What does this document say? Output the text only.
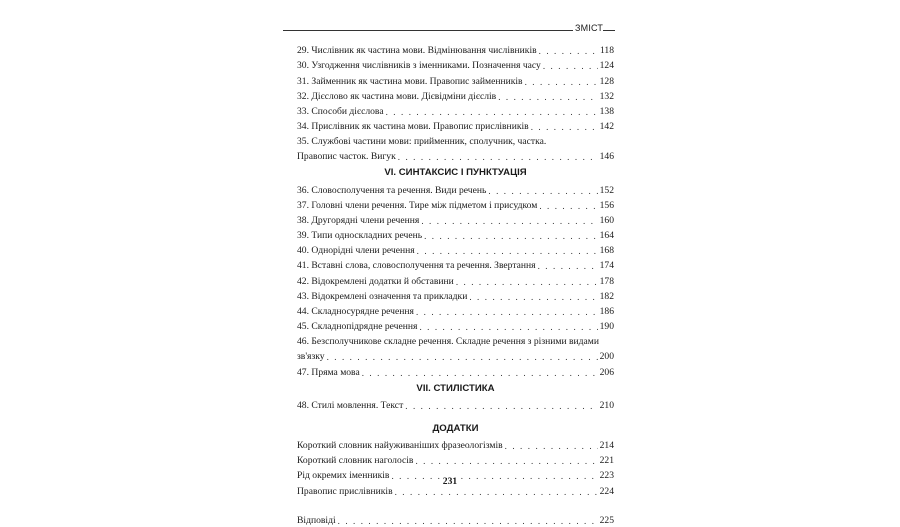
ЗМІСТ
29. Числівник як частина мови. Відмінювання числівників . . .	118
30. Узгодження числівників з іменниками. Позначення часу . . .	124
31. Займенник як частина мови. Правопис займенників . . .	128
32. Дієслово як частина мови. Дієвідміни дієслів . . .	132
33. Способи дієслова . . .	138
34. Прислівник як частина мови. Правопис прислівників . . .	142
35. Службові частини мови: прийменник, сполучник, частка.
Правопис часток. Вигук . . .	146
VI. СИНТАКСИС І ПУНКТУАЦІЯ
36. Словосполучення та речення. Види речень . . .	152
37. Головні члени речення. Тире між підметом і присудком . . .	156
38. Другорядні члени речення . . .	160
39. Типи односкладних речень . . .	164
40. Однорідні члени речення . . .	168
41. Вставні слова, словосполучення та речення. Звертання . . .	174
42. Відокремлені додатки й обставини . . .	178
43. Відокремлені означення та прикладки . . .	182
44. Складносурядне речення . . .	186
45. Складнопідрядне речення . . .	190
46. Безсполучникове складне речення. Складне речення з різними видами
зв'язку . . .	200
47. Пряма мова . . .	206
VII. СТИЛІСТИКА
48. Стилі мовлення. Текст . . .	210
ДОДАТКИ
Короткий словник найуживаніших фразеологізмів . . .	214
Короткий словник наголосів . . .	221
Рід окремих іменників . . .	223
Правопис прислівників . . .	224
Відповіді . . .	225
231
